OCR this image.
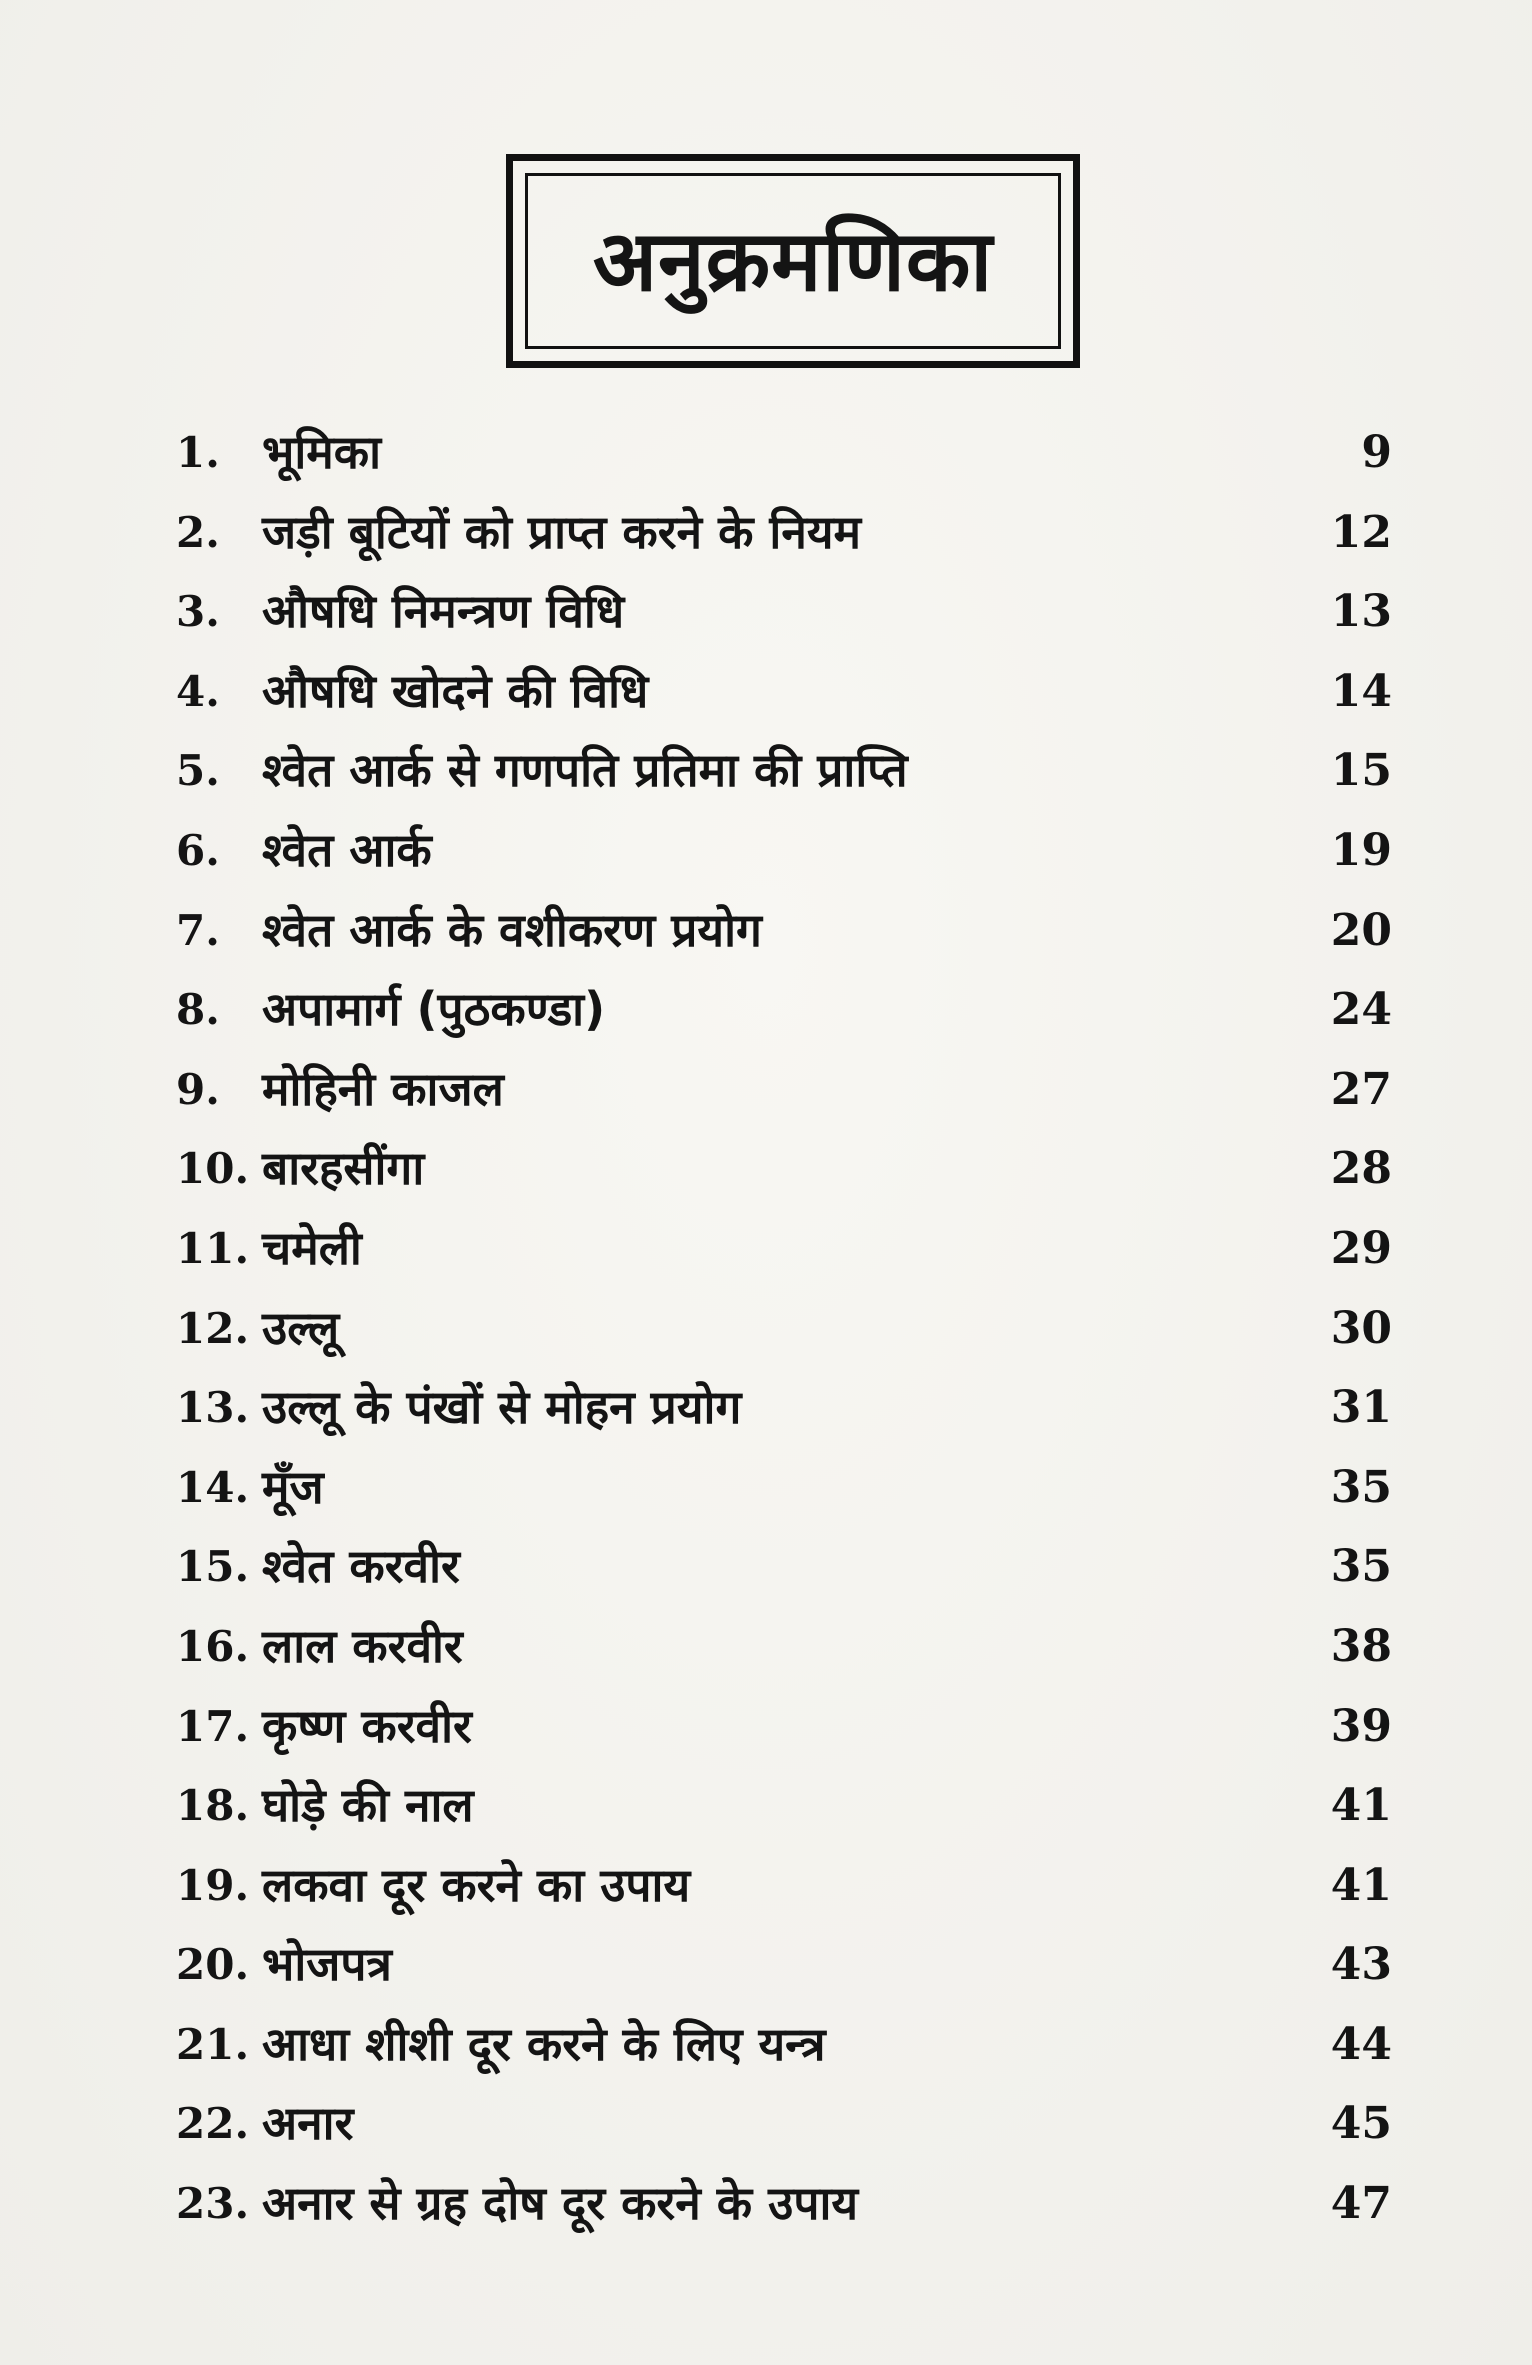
अनुक्रमणिका
1. भूमिका	9
2. जड़ी बूटियों को प्राप्त करने के नियम	12
3. औषधि निमन्त्रण विधि	13
4. औषधि खोदने की विधि	14
5. श्वेत आर्क से गणपति प्रतिमा की प्राप्ति	15
6. श्वेत आर्क	19
7. श्वेत आर्क के वशीकरण प्रयोग	20
8. अपामार्ग (पुठकण्डा)	24
9. मोहिनी काजल	27
10. बारहसींगा	28
11. चमेली	29
12. उल्लू	30
13. उल्लू के पंखों से मोहन प्रयोग	31
14. मूँज	35
15. श्वेत करवीर	35
16. लाल करवीर	38
17. कृष्ण करवीर	39
18. घोड़े की नाल	41
19. लकवा दूर करने का उपाय	41
20. भोजपत्र	43
21. आधा शीशी दूर करने के लिए यन्त्र	44
22. अनार	45
23. अनार से ग्रह दोष दूर करने के उपाय	47
